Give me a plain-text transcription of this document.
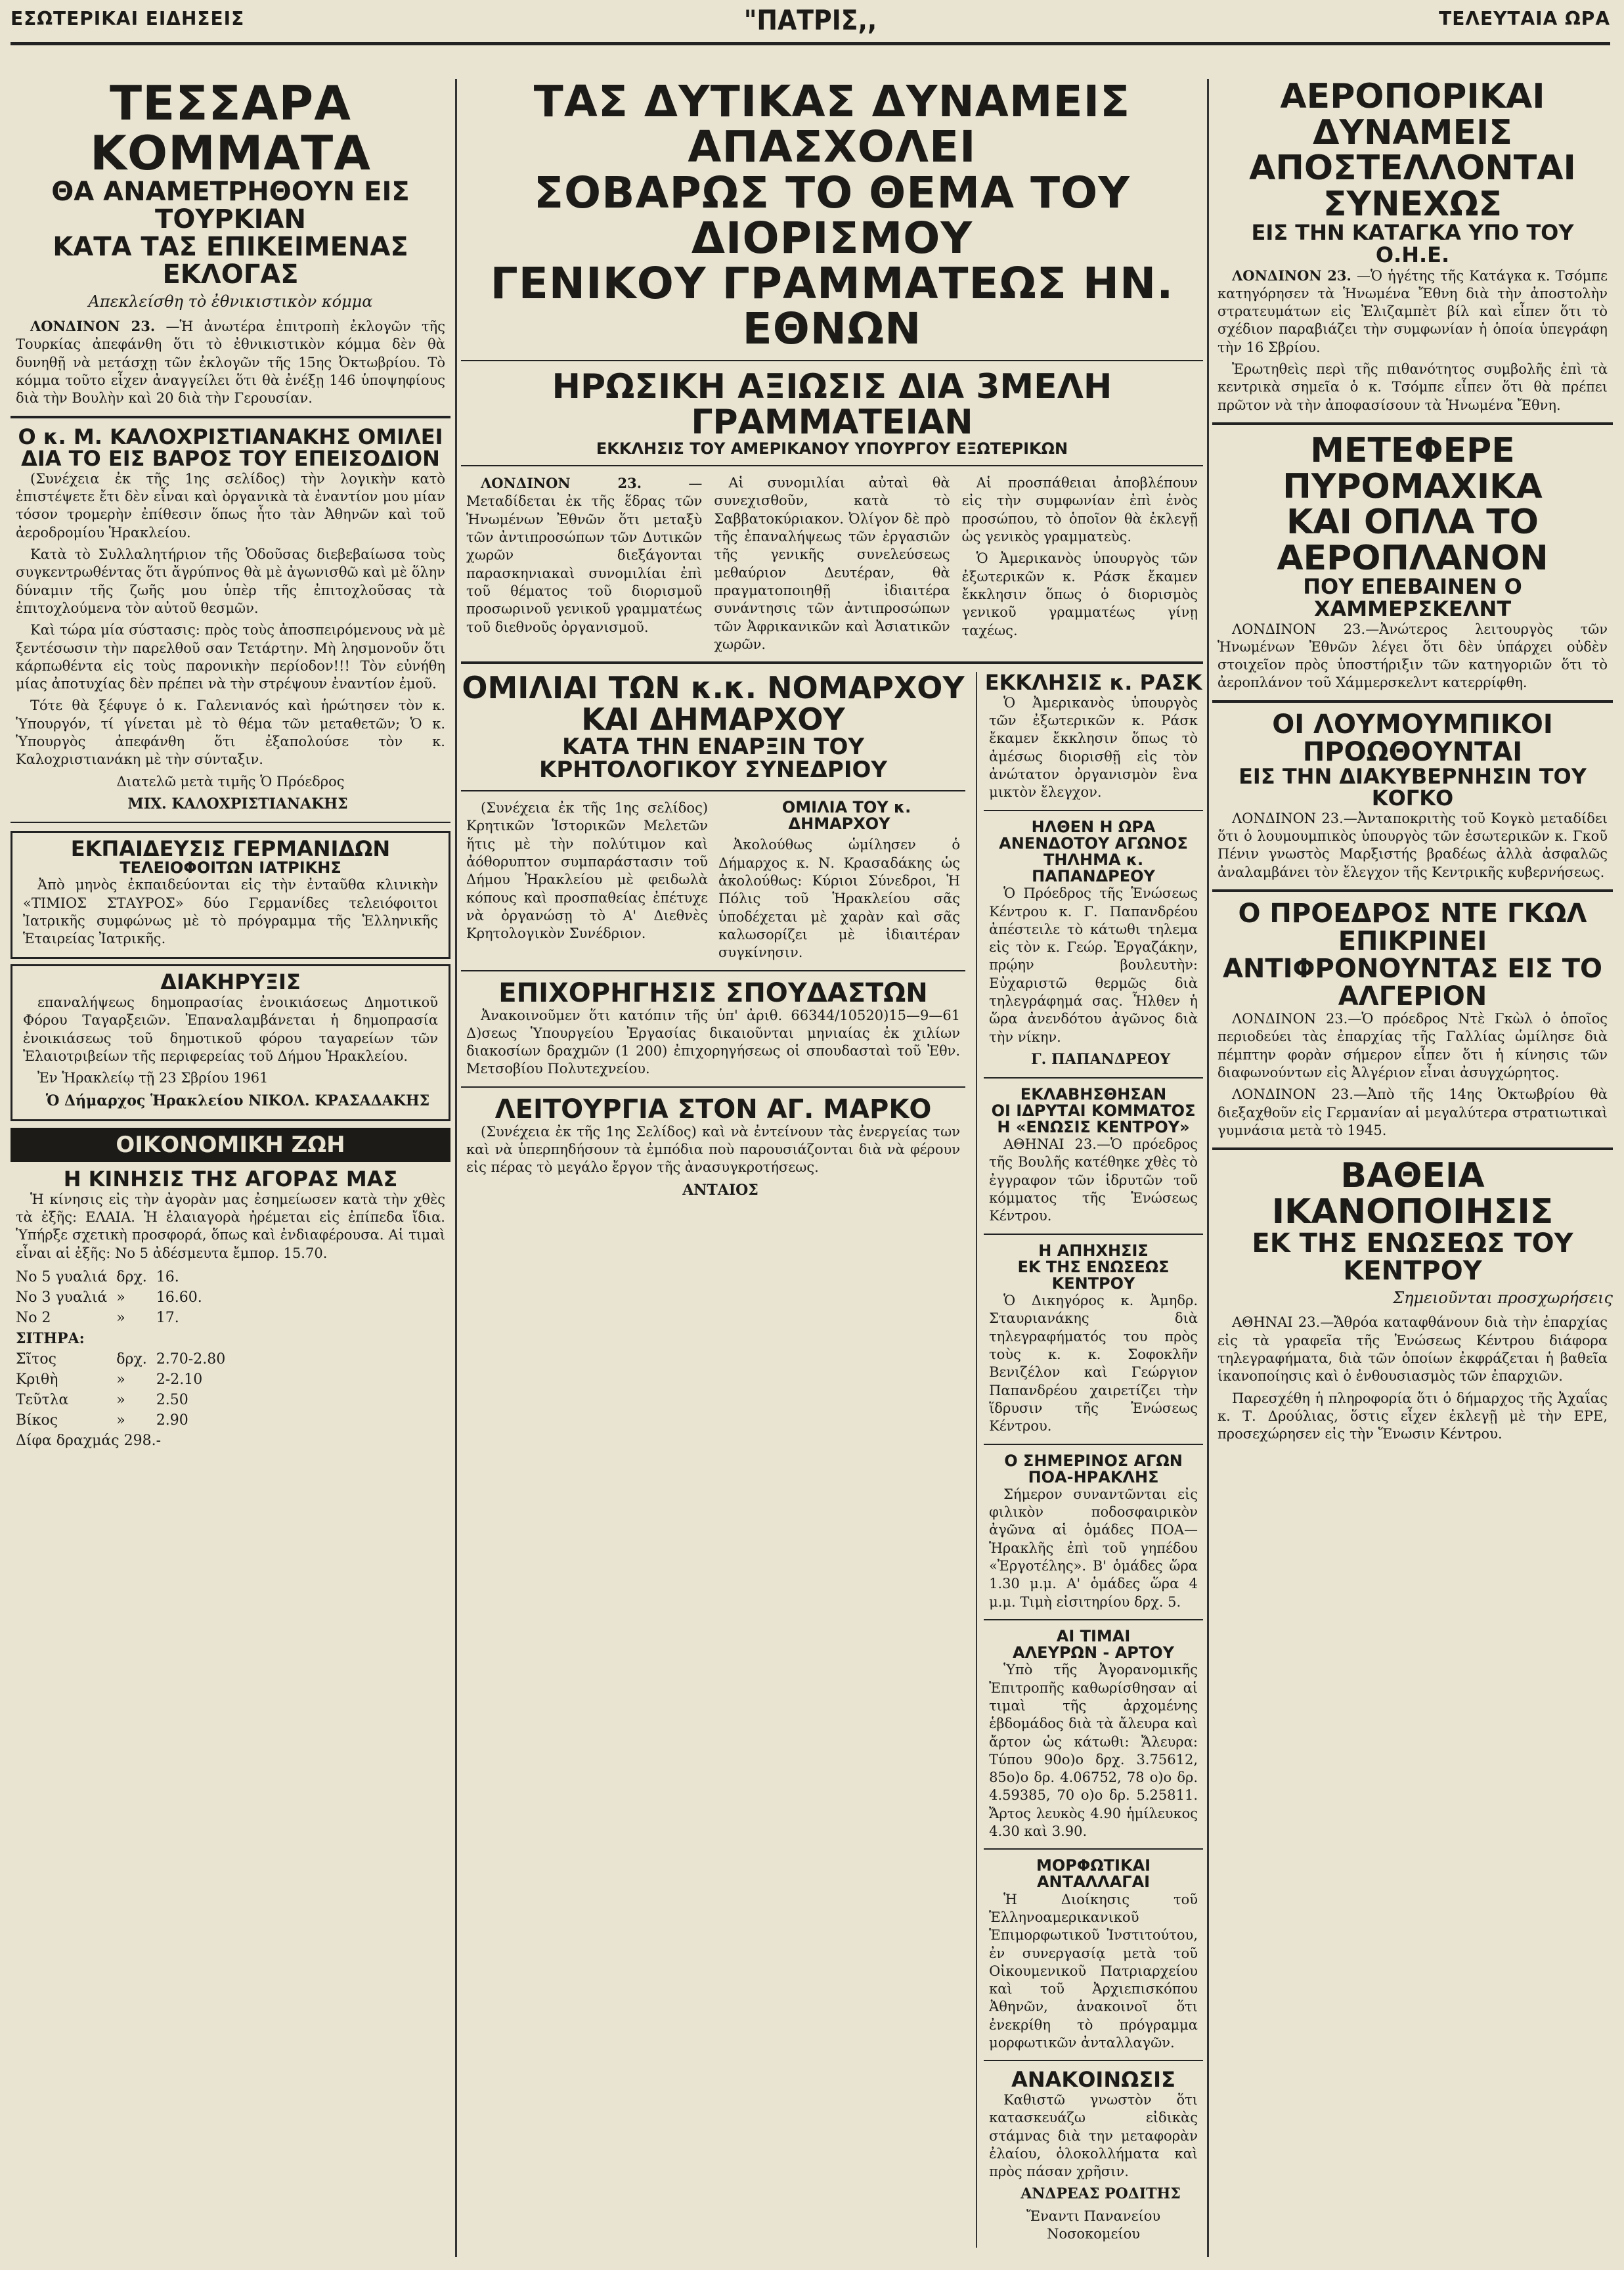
ΕΣΩΤΕΡΙΚΑΙ ΕΙΔΗΣΕΙΣ	"ΠΑΤΡΙΣ,,	ΤΕΛΕΥΤΑΙΑ ΩΡΑ

ΤΕΣΣΑΡΑ ΚΟΜΜΑΤΑ

ΘΑ ΑΝΑΜΕΤΡΗΘΟΥΝ ΕΙΣ ΤΟΥΡΚΙΑΝ

ΚΑΤΑ ΤΑΣ ΕΠΙΚΕΙΜΕΝΑΣ ΕΚΛΟΓΑΣ

Απεκλείσθη τὸ ἐθνικιστικὸν κόμμα

ΛΟΝΔΙΝΟΝ 23. —Ἡ ἀνωτέρα ἐπιτροπὴ ἐκλογῶν τῆς Τουρκίας ἀπεφάνθη ὅτι τὸ ἐθνικιστικὸν κόμμα δὲν θὰ δυνηθῇ νὰ μετάσχῃ τῶν ἐκλογῶν τῆς 15ης Ὀκτωβρίου. Τὸ κόμμα τοῦτο εἶχεν ἀναγγείλει ὅτι θὰ ἐνέξῃ 146 ὑποψηφίους διὰ τὴν Βουλὴν καὶ 20 διὰ τὴν Γερουσίαν.

Ο κ. Μ. ΚΑΛΟΧΡΙΣΤΙΑΝΑΚΗΣ ΟΜΙΛΕΙ

ΔΙΑ ΤΟ ΕΙΣ ΒΑΡΟΣ ΤΟΥ ΕΠΕΙΣΟΔΙΟΝ

(Συνέχεια ἐκ τῆς 1ης σελίδος) τὴν λογικὴν κατὸ ἐπιστέψετε ἔτι δὲν εἶναι καὶ ὀργανικὰ τὰ ἐναντίον μου μίαν τόσον τρομερὴν ἐπίθεσιν ὅπως ἦτο τὰν Ἀθηνῶν καὶ τοῦ ἀεροδρομίου Ἡρακλείου.

Κατὰ τὸ Συλλαλητήριον τῆς Ὁδοῦσας διεβεβαίωσα τοὺς συγκεντρωθέντας ὅτι ἄγρύπνος θὰ μὲ ἀγωνισθῶ καὶ μὲ ὅλην δύναμιν τῆς ζωῆς μου ὑπὲρ τῆς ἐπιτοχλοῦσας τὰ ἐπιτοχλούμενα τὸν αὐτοῦ θεσμῶν.

Καὶ τώρα μία σύστασις: πρὸς τοὺς ἀποσπειρόμενους νὰ μὲ ξεντέσωσιν τὴν παρελθοῦ σαν Τετάρτην. Μὴ λησμονοῦν ὅτι κάρπωθέντα εἰς τοὺς παρονικὴν περίοδον!!! Τὸν εὐνήθη μίας ἀποτυχίας δὲν πρέπει νὰ τὴν στρέψουν ἐναντίον ἐμοῦ.

Τότε θὰ ξέφυγε ὁ κ. Γαλενιανός καὶ ἡρώτησεν τὸν κ. Ὑπουργόν, τί γίνεται μὲ τὸ θέμα τῶν μεταθετῶν; Ὁ κ. Ὑπουργὸς ἀπεφάνθη ὅτι ἐξαπολούσε τὸν κ. Καλοχριστιανάκη μὲ τὴν σύνταξιν.

Διατελῶ μετὰ τιμῆς Ὁ Πρόεδρος

ΜΙΧ. ΚΑΛΟΧΡΙΣΤΙΑΝΑΚΗΣ

ΕΚΠΑΙΔΕΥΣΙΣ ΓΕΡΜΑΝΙΔΩΝ

ΤΕΛΕΙΟΦΟΙΤΩΝ ΙΑΤΡΙΚΗΣ

Ἀπὸ μηνὸς ἐκπαιδεύονται εἰς τὴν ἐνταῦθα κλινικὴν «ΤΙΜΙΟΣ ΣΤΑΥΡΟΣ» δύο Γερμανίδες τελειόφοιτοι Ἰατρικῆς συμφώνως μὲ τὸ πρόγραμμα τῆς Ἑλληνικῆς Ἑταιρείας Ἰατρικῆς.

ΔΙΑΚΗΡΥΞΙΣ

επαναλήψεως δημοπρασίας ἐνοικιάσεως Δημοτικοῦ Φόρου Ταγαρξειῶν. Ἐπαναλαμβάνεται ἡ δημοπρασία ἐνοικιάσεως τοῦ δημοτικοῦ φόρου ταγαρείων τῶν Ἐλαιοτριβείων τῆς περιφερείας τοῦ Δήμου Ἡρακλείου.

Ἐν Ἡρακλείῳ τῇ 23 Σβρίου 1961

Ὁ Δήμαρχος Ἡρακλείου ΝΙΚΟΛ. ΚΡΑΣΑΔΑΚΗΣ

ΟΙΚΟΝΟΜΙΚΗ ΖΩΗ

Η ΚΙΝΗΣΙΣ ΤΗΣ ΑΓΟΡΑΣ ΜΑΣ

Ἡ κίνησις εἰς τὴν ἀγορὰν μας ἐσημείωσεν κατὰ τὴν χθὲς τὰ ἐξῆς: ΕΛΑΙΑ. Ἡ ἐλαιαγορὰ ἠρέμεται εἰς ἐπίπεδα ἴδια. Ὑπήρξε σχετικὴ προσφορά, ὅπως καὶ ἐνδιαφέρουσα. Αἱ τιμαὶ εἶναι αἱ ἐξῆς: Νο 5 ἀδέσμευτα ἔμπορ. 15.70.

Νο 5 γυαλιά	δρχ.	16.
Νο 3 γυαλιά	»	16.60.
Νο 2	»	17.
ΣΙΤΗΡΑ:		
Σῖτος	δρχ.	2.70-2.80
Κριθὴ	»	2-2.10
Τεῦτλα	»	2.50
Βίκος	»	2.90
Δίφα δραχμάς 298.-		

ΤΑΣ ΔΥΤΙΚΑΣ ΔΥΝΑΜΕΙΣ ΑΠΑΣΧΟΛΕΙ

ΣΟΒΑΡΩΣ ΤΟ ΘΕΜΑ ΤΟΥ ΔΙΟΡΙΣΜΟΥ

ΓΕΝΙΚΟΥ ΓΡΑΜΜΑΤΕΩΣ ΗΝ. ΕΘΝΩΝ

ΗΡΩΣΙΚΗ ΑΞΙΩΣΙΣ ΔΙΑ 3ΜΕΛΗ ΓΡΑΜΜΑΤΕΙΑΝ

ΕΚΚΛΗΣΙΣ ΤΟΥ ΑΜΕΡΙΚΑΝΟΥ ΥΠΟΥΡΓΟΥ ΕΞΩΤΕΡΙΚΩΝ

ΛΟΝΔΙΝΟΝ 23.	—Μεταδίδεται ἐκ τῆς ἕδρας τῶν Ἡνωμένων Ἐθνῶν ὅτι μεταξὺ τῶν ἀντιπροσώπων τῶν Δυτικῶν χωρῶν διεξάγονται παρασκηνιακαὶ συνομιλίαι ἐπὶ τοῦ θέματος τοῦ διορισμοῦ προσωρινοῦ γενικοῦ γραμματέως τοῦ διεθνοῦς ὀργανισμοῦ.

Αἱ συνομιλίαι αὐταὶ θὰ συνεχισθοῦν, κατὰ τὸ Σαββατοκύριακον. Ὀλίγον δὲ πρὸ τῆς ἐπαναλήψεως τῶν ἐργασιῶν τῆς γενικῆς συνελεύσεως μεθαύριον Δευτέραν, θὰ πραγματοποιηθῇ ἰδιαιτέρα συνάντησις τῶν ἀντιπροσώπων τῶν Ἀφρικανικῶν καὶ Ἀσιατικῶν χωρῶν.

Αἱ προσπάθειαι ἀποβλέπουν εἰς τὴν συμφωνίαν ἐπὶ ἑνὸς προσώπου, τὸ ὁποῖον θὰ ἐκλεγῇ ὡς γενικὸς γραμματεὺς.

Ὁ Ἀμερικανὸς ὑπουργὸς τῶν ἐξωτερικῶν κ. Ράσκ ἔκαμεν ἔκκλησιν ὅπως ὁ διορισμὸς γενικοῦ γραμματέως γίνῃ ταχέως.

ΟΜΙΛΙΑΙ ΤΩΝ κ.κ. ΝΟΜΑΡΧΟΥ ΚΑΙ ΔΗΜΑΡΧΟΥ

ΚΑΤΑ ΤΗΝ ΕΝΑΡΞΙΝ ΤΟΥ ΚΡΗΤΟΛΟΓΙΚΟΥ ΣΥΝΕΔΡΙΟΥ

(Συνέχεια ἐκ τῆς 1ης σελίδος) Κρητικῶν Ἱστορικῶν Μελετῶν ἥτις μὲ τὴν πολύτιμον καὶ ἀόθορυπτον συμπαράστασιν τοῦ Δήμου Ἡρακλείου μὲ φειδωλὰ κόπους καὶ προσπαθείας ἐπέτυχε νὰ ὀργανώσῃ τὸ Α' Διεθνὲς Κρητολογικὸν Συνέδριον.

ΟΜΙΛΙΑ ΤΟΥ κ. ΔΗΜΑΡΧΟΥ

Ἀκολούθως ὡμίλησεν ὁ Δήμαρχος κ. Ν. Κρασαδάκης ὡς ἀκολούθως: Κύριοι Σύνεδροι, Ἡ Πόλις τοῦ Ἡρακλείου σᾶς ὑποδέχεται μὲ χαρὰν καὶ σᾶς καλωσορίζει μὲ ἰδιαιτέραν συγκίνησιν.

ΕΠΙΧΟΡΗΓΗΣΙΣ ΣΠΟΥΔΑΣΤΩΝ

Ἀνακοινοῦμεν ὅτι κατόπιν τῆς ὑπ' ἀριθ. 66344/10520)15—9—61 Δ)σεως Ὑπουργείου Ἐργασίας δικαιοῦνται μηνιαίας ἐκ χιλίων διακοσίων δραχμῶν (1 200) ἐπιχορηγήσεως οἱ σπουδασταὶ τοῦ Ἐθν. Μετσοβίου Πολυτεχνείου.

ΛΕΙΤΟΥΡΓΙΑ ΣΤΟΝ ΑΓ. ΜΑΡΚΟ

(Συνέχεια ἐκ τῆς 1ης Σελίδος) καὶ νὰ ἐντείνουν τὰς ἐνεργείας των καὶ νὰ ὑπερπηδήσουν τὰ ἐμπόδια ποὺ παρουσιάζονται διὰ νὰ φέρουν εἰς πέρας τὸ μεγάλο ἔργον τῆς ἀνασυγκροτήσεως.

ΑΝΤΑΙΟΣ

ΕΚΚΛΗΣΙΣ κ. ΡΑΣΚ

Ὁ Ἀμερικανὸς ὑπουργὸς τῶν ἐξωτερικῶν κ. Ράσκ ἔκαμεν ἔκκλησιν ὅπως τὸ ἀμέσως διορισθῇ εἰς τὸν ἀνώτατον ὀργανισμὸν ἓνα μικτὸν ἔλεγχον.

ΗΛΘΕΝ Η ΩΡΑ

ΑΝΕΝΔΟΤΟΥ ΑΓΩΝΟΣ

ΤΗΛΗΜΑ κ. ΠΑΠΑΝΔΡΕΟΥ

Ὁ Πρόεδρος τῆς Ἑνώσεως Κέντρου κ. Γ. Παπανδρέου ἀπέστειλε τὸ κάτωθι τηλεμα εἰς τὸν κ. Γεώρ. Ἐργαζάκην, πρῴην βουλευτὴν: Εὐχαριστῶ θερμῶς διὰ τηλεγράφημά σας. Ἦλθεν ἡ ὥρα ἀνενδότου ἀγῶνος διὰ τὴν νίκην.

Γ. ΠΑΠΑΝΔΡΕΟΥ

ΕΚΛΑΒΗΣΘΗΣΑΝ

ΟΙ ΙΔΡΥΤΑΙ ΚΟΜΜΑΤΟΣ

Η «ΕΝΩΣΙΣ ΚΕΝΤΡΟΥ»

ΑΘΗΝΑΙ 23.—Ὁ πρόεδρος τῆς Βουλῆς κατέθηκε χθὲς τὸ ἐγγραφον τῶν ἱδρυτῶν τοῦ κόμματος τῆς Ἑνώσεως Κέντρου.

Η ΑΠΗΧΗΣΙΣ

ΕΚ ΤΗΣ ΕΝΩΣΕΩΣ ΚΕΝΤΡΟΥ

Ὁ Δικηγόρος κ. Ἀμηδρ. Σταυριανάκης διὰ τηλεγραφήματός του πρὸς τοὺς κ. κ. Σοφοκλῆν Βενιζέλον καὶ Γεώργιον Παπανδρέου χαιρετίζει τὴν ἵδρυσιν τῆς Ἑνώσεως Κέντρου.

Ο ΣΗΜΕΡΙΝΟΣ ΑΓΩΝ

ΠΟΑ-ΗΡΑΚΛΗΣ

Σήμερον συναντῶνται εἰς φιλικὸν ποδοσφαιρικὸν ἀγῶνα αἱ ὁμάδες ΠΟΑ—Ἡρακλῆς ἐπὶ τοῦ γηπέδου «Ἐργοτέλης». Β' ὁμάδες ὥρα 1.30 μ.μ. Α' ὁμάδες ὥρα 4 μ.μ. Τιμὴ εἰσιτηρίου δρχ. 5.

ΑΙ ΤΙΜΑΙ

ΑΛΕΥΡΩΝ - ΑΡΤΟΥ

Ὑπὸ τῆς Ἀγορανομικῆς Ἐπιτροπῆς καθωρίσθησαν αἱ τιμαὶ τῆς ἀρχομένης ἑβδομάδος διὰ τὰ ἄλευρα καὶ ἄρτον ὡς κάτωθι: Ἄλευρα: Τύπου 90ο)ο δρχ. 3.75612, 85ο)ο δρ. 4.06752, 78 ο)ο δρ. 4.59385, 70 ο)ο δρ. 5.25811. Ἄρτος λευκὸς 4.90 ἡμίλευκος 4.30 καὶ 3.90.

ΜΟΡΦΩΤΙΚΑΙ ΑΝΤΑΛΛΑΓΑΙ

Ἡ Διοίκησις τοῦ Ἑλληνοαμερικανικοῦ Ἑπιμορφωτικοῦ Ἰνστιτούτου, ἐν συνεργασίᾳ μετὰ τοῦ Οἰκουμενικοῦ Πατριαρχείου καὶ τοῦ Ἀρχιεπισκόπου Ἀθηνῶν, ἀνακοινοῖ ὅτι ἐνεκρίθη τὸ πρόγραμμα μορφωτικῶν ἀνταλλαγῶν.

ΑΝΑΚΟΙΝΩΣΙΣ

Καθιστῶ γνωστὸν ὅτι κατασκευάζω εἰδικὰς στάμνας διὰ την μεταφορὰν ἐλαίου, ὁλοκολλήματα καὶ πρὸς πάσαν χρῆσιν.

ΑΝΔΡΕΑΣ ΡΟΔΙΤΗΣ

Ἔναντι Πανανείου Νοσοκομείου

ΑΕΡΟΠΟΡΙΚΑΙ ΔΥΝΑΜΕΙΣ

ΑΠΟΣΤΕΛΛΟΝΤΑΙ ΣΥΝΕΧΩΣ

ΕΙΣ ΤΗΝ ΚΑΤΑΓΚΑ ΥΠΟ ΤΟΥ Ο.Η.Ε.

ΛΟΝΔΙΝΟΝ 23. —Ὁ ἡγέτης τῆς Κατάγκα κ. Τσόμπε κατηγόρησεν τὰ Ἡνωμένα Ἔθνη διὰ τὴν ἀποστολὴν στρατευμάτων εἰς Ἐλιζαμπὲτ βίλ καὶ εἶπεν ὅτι τὸ σχέδιον παραβιάζει τὴν συμφωνίαν ἡ ὁποία ὑπεγράφη τὴν 16 Σβρίου.

Ἐρωτηθεὶς περὶ τῆς πιθανότητος συμβολῆς ἐπὶ τὰ κεντρικὰ σημεῖα ὁ κ. Τσόμπε εἶπεν ὅτι θὰ πρέπει πρῶτον νὰ τὴν ἀποφασίσουν τὰ Ἡνωμένα Ἔθνη.

ΜΕΤΕΦΕΡΕ ΠΥΡΟΜΑΧΙΚΑ

ΚΑΙ ΟΠΛΑ ΤΟ ΑΕΡΟΠΛΑΝΟΝ

ΠΟΥ ΕΠΕΒΑΙΝΕΝ Ο ΧΑΜΜΕΡΣΚΕΛΝΤ

ΛΟΝΔΙΝΟΝ 23.—Ἀνώτερος λειτουργὸς τῶν Ἡνωμένων Ἐθνῶν λέγει ὅτι δὲν ὑπάρχει οὐδὲν στοιχεῖον πρὸς ὑποστήριξιν τῶν κατηγοριῶν ὅτι τὸ ἀεροπλάνον τοῦ Χάμμερσκελντ κατερρίφθη.

ΟΙ ΛΟΥΜΟΥΜΠΙΚΟΙ ΠΡΟΩΘΟΥΝΤΑΙ

ΕΙΣ ΤΗΝ ΔΙΑΚΥΒΕΡΝΗΣΙΝ ΤΟΥ ΚΟΓΚΟ

ΛΟΝΔΙΝΟΝ 23.—Ἀνταποκριτὴς τοῦ Κογκὸ μεταδίδει ὅτι ὁ λουμουμπικὸς ὑπουργὸς τῶν ἐσωτερικῶν κ. Γκοῦ Πένιν γνωστὸς Μαρξιστής βραδέως ἀλλὰ ἀσφαλῶς ἀναλαμβάνει τὸν ἔλεγχον τῆς Κεντρικῆς κυβερνήσεως.

Ο ΠΡΟΕΔΡΟΣ ΝΤΕ ΓΚΩΛ ΕΠΙΚΡΙΝΕΙ

ΑΝΤΙΦΡΟΝΟΥΝΤΑΣ ΕΙΣ ΤΟ ΑΛΓΕΡΙΟΝ

ΛΟΝΔΙΝΟΝ 23.—Ὁ πρόεδρος Ντὲ Γκὼλ ὁ ὁποῖος περιοδεύει τὰς ἐπαρχίας τῆς Γαλλίας ὡμίλησε διὰ πέμπτην φορὰν σήμερον εἶπεν ὅτι ἡ κίνησις τῶν διαφωνούντων εἰς Ἀλγέριον εἶναι ἀσυγχώρητος.

ΛΟΝΔΙΝΟΝ 23.—Ἀπὸ τῆς 14ης Ὀκτωβρίου θὰ διεξαχθοῦν εἰς Γερμανίαν αἱ μεγαλύτερα στρατιωτικαὶ γυμνάσια μετὰ τὸ 1945.

ΒΑΘΕΙΑ ΙΚΑΝΟΠΟΙΗΣΙΣ

ΕΚ ΤΗΣ ΕΝΩΣΕΩΣ ΤΟΥ ΚΕΝΤΡΟΥ

Σημειοῦνται προσχωρήσεις

ΑΘΗΝΑΙ 23.—Ἄθρόα καταφθάνουν διὰ τὴν ἐπαρχίας εἰς τὰ γραφεῖα τῆς Ἑνώσεως Κέντρου διάφορα τηλεγραφήματα, διὰ τῶν ὁποίων ἐκφράζεται ἡ βαθεῖα ἱκανοποίησις καὶ ὁ ἐνθουσιασμὸς τῶν ἐπαρχιῶν.

Παρεσχέθη ἡ πληροφορία ὅτι ὁ δήμαρχος τῆς Ἀχαΐας κ. Τ. Δρούλιας, ὅστις εἶχεν ἐκλεγῇ μὲ τὴν ΕΡΕ, προσεχώρησεν εἰς τὴν Ἕνωσιν Κέντρου.
